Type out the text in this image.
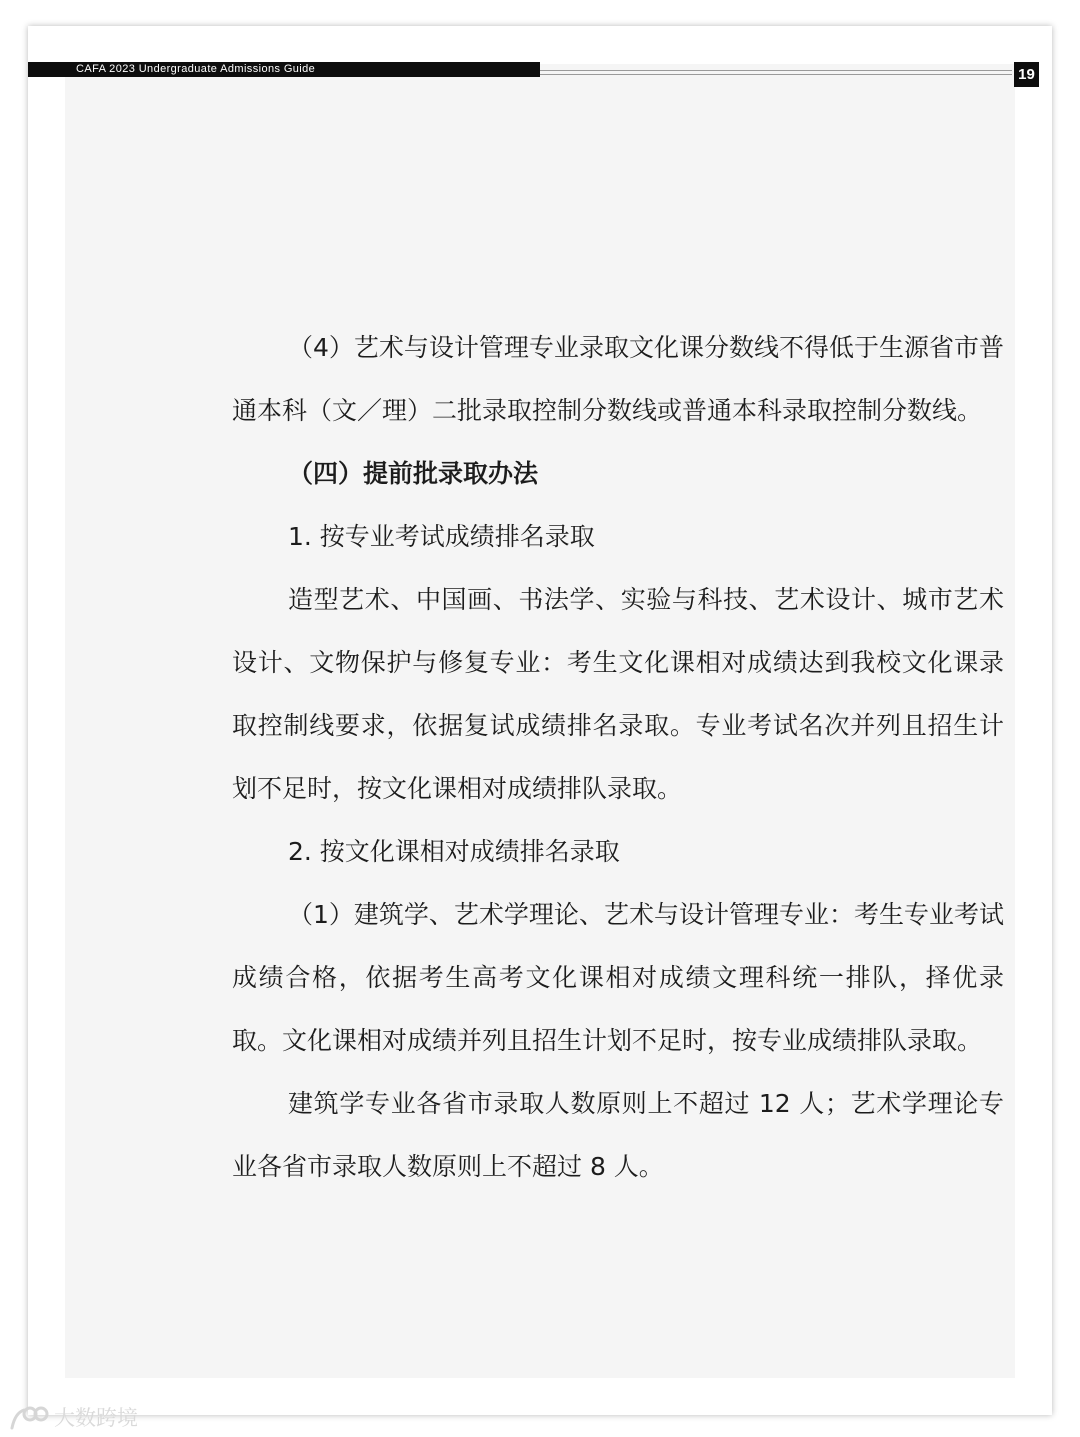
CAFA 2023 Undergraduate Admissions Guide	19

（4）艺术与设计管理专业录取文化课分数线不得低于生源省市普通本科（文／理）二批录取控制分数线或普通本科录取控制分数线。

（四）提前批录取办法

1. 按专业考试成绩排名录取

造型艺术、中国画、书法学、实验与科技、艺术设计、城市艺术设计、文物保护与修复专业：考生文化课相对成绩达到我校文化课录取控制线要求，依据复试成绩排名录取。专业考试名次并列且招生计划不足时，按文化课相对成绩排队录取。

2. 按文化课相对成绩排名录取

（1）建筑学、艺术学理论、艺术与设计管理专业：考生专业考试成绩合格，依据考生高考文化课相对成绩文理科统一排队，择优录取。文化课相对成绩并列且招生计划不足时，按专业成绩排队录取。

建筑学专业各省市录取人数原则上不超过 12 人；艺术学理论专业各省市录取人数原则上不超过 8 人。

大数跨境
